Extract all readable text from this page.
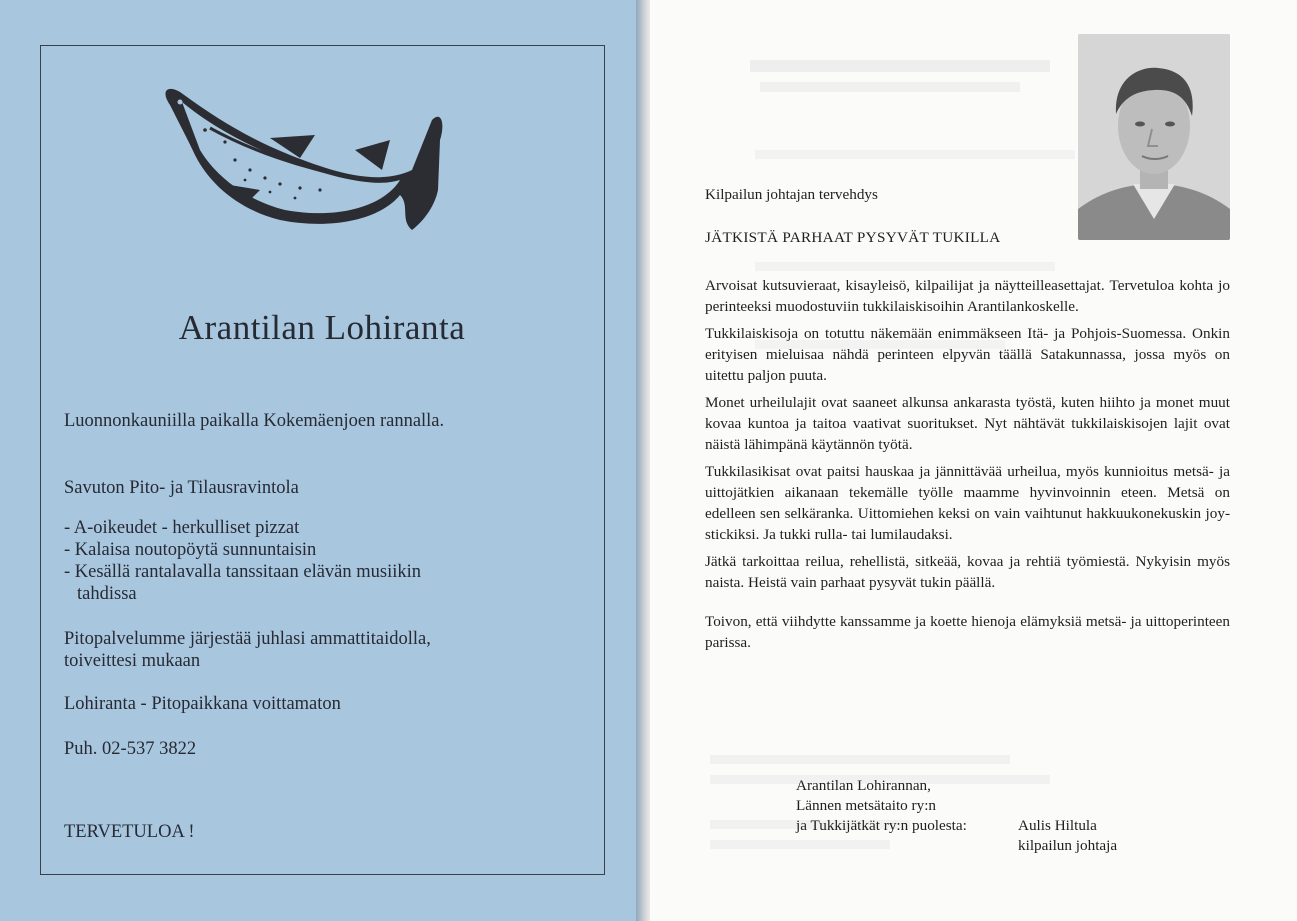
Arantilan Lohiranta
Luonnonkauniilla paikalla Kokemäenjoen rannalla.
Savuton Pito- ja Tilausravintola
- A-oikeudet - herkulliset pizzat
- Kalaisa noutopöytä sunnuntaisin
- Kesällä rantalavalla tanssitaan elävän musiikin
tahdissa
Pitopalvelumme järjestää juhlasi ammattitaidolla,
toiveittesi mukaan
Lohiranta - Pitopaikkana voittamaton
Puh. 02-537 3822
TERVETULOA !

Kilpailun johtajan tervehdys
JÄTKISTÄ PARHAAT PYSYVÄT TUKILLA

Arvoisat kutsuvieraat, kisayleisö, kilpailijat ja näytteilleasettajat. Tervetuloa kohta jo perinteeksi muodostuviin tukkilaiskisoihin Arantilankoskelle.

Tukkilaiskisoja on totuttu näkemään enimmäkseen Itä- ja Pohjois-Suomessa. Onkin erityisen mieluisaa nähdä perinteen elpyvän täällä Satakunnassa, jossa myös on uitettu paljon puuta.

Monet urheilulajit ovat saaneet alkunsa ankarasta työstä, kuten hiihto ja monet muut kovaa kuntoa ja taitoa vaativat suoritukset. Nyt nähtävät tukkilaiskisojen lajit ovat näistä lähimpänä käytännön työtä.

Tukkilasikisat ovat paitsi hauskaa ja jännittävää urheilua, myös kunnioitus metsä- ja uittojätkien aikanaan tekemälle työlle maamme hyvinvoinnin eteen. Metsä on edelleen sen selkäranka. Uittomiehen keksi on vain vaihtunut hakkuukonekuskin joy-stickiksi. Ja tukki rulla- tai lumilaudaksi.

Jätkä tarkoittaa reilua, rehellistä, sitkeää, kovaa ja rehtiä työmiestä. Nykyisin myös naista. Heistä vain parhaat pysyvät tukin päällä.

Toivon, että viihdytte kanssamme ja koette hienoja elämyksiä metsä- ja uittoperinteen parissa.

Arantilan Lohirannan,
Lännen metsätaito ry:n
ja Tukkijätkät ry:n puolesta:	Aulis Hiltula
kilpailun johtaja
